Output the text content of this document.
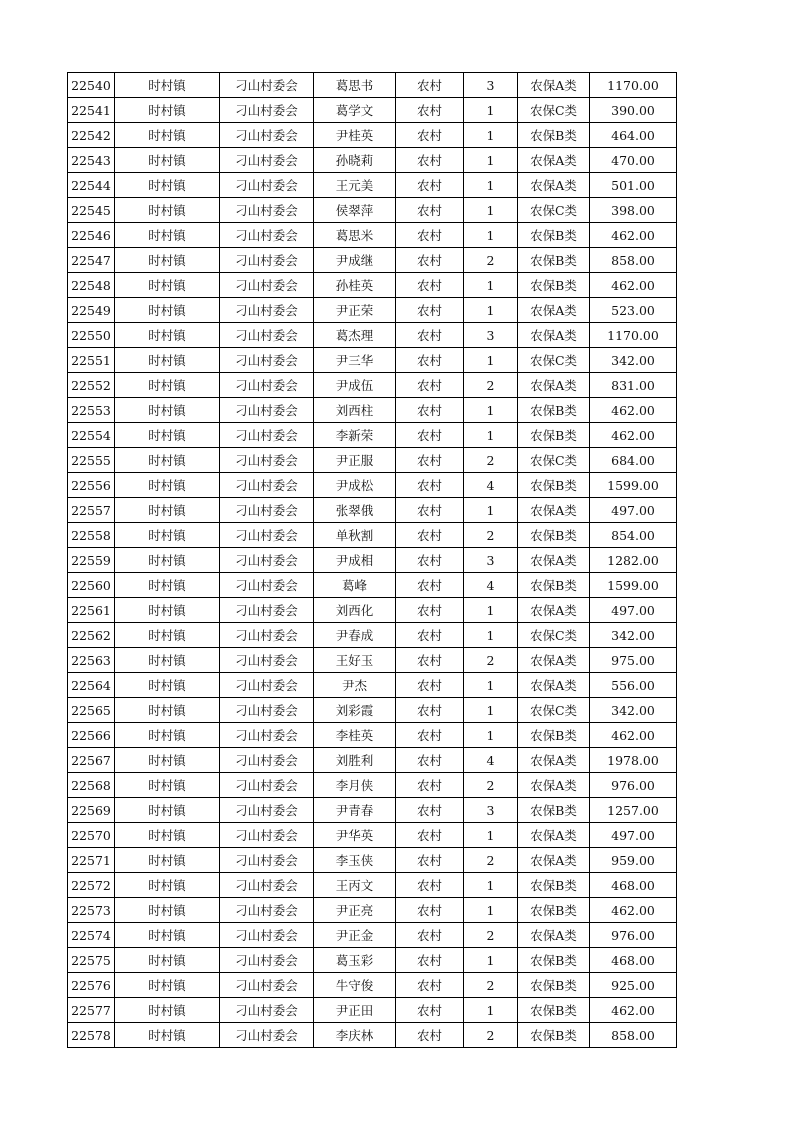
22540	时村镇	刁山村委会	葛思书	农村	3	农保A类	1170.00
22541	时村镇	刁山村委会	葛学文	农村	1	农保C类	390.00
22542	时村镇	刁山村委会	尹桂英	农村	1	农保B类	464.00
22543	时村镇	刁山村委会	孙晓莉	农村	1	农保A类	470.00
22544	时村镇	刁山村委会	王元美	农村	1	农保A类	501.00
22545	时村镇	刁山村委会	侯翠萍	农村	1	农保C类	398.00
22546	时村镇	刁山村委会	葛思米	农村	1	农保B类	462.00
22547	时村镇	刁山村委会	尹成继	农村	2	农保B类	858.00
22548	时村镇	刁山村委会	孙桂英	农村	1	农保B类	462.00
22549	时村镇	刁山村委会	尹正荣	农村	1	农保A类	523.00
22550	时村镇	刁山村委会	葛杰理	农村	3	农保A类	1170.00
22551	时村镇	刁山村委会	尹三华	农村	1	农保C类	342.00
22552	时村镇	刁山村委会	尹成伍	农村	2	农保A类	831.00
22553	时村镇	刁山村委会	刘西柱	农村	1	农保B类	462.00
22554	时村镇	刁山村委会	李新荣	农村	1	农保B类	462.00
22555	时村镇	刁山村委会	尹正服	农村	2	农保C类	684.00
22556	时村镇	刁山村委会	尹成松	农村	4	农保B类	1599.00
22557	时村镇	刁山村委会	张翠俄	农村	1	农保A类	497.00
22558	时村镇	刁山村委会	单秋割	农村	2	农保B类	854.00
22559	时村镇	刁山村委会	尹成相	农村	3	农保A类	1282.00
22560	时村镇	刁山村委会	葛峰	农村	4	农保B类	1599.00
22561	时村镇	刁山村委会	刘西化	农村	1	农保A类	497.00
22562	时村镇	刁山村委会	尹春成	农村	1	农保C类	342.00
22563	时村镇	刁山村委会	王好玉	农村	2	农保A类	975.00
22564	时村镇	刁山村委会	尹杰	农村	1	农保A类	556.00
22565	时村镇	刁山村委会	刘彩霞	农村	1	农保C类	342.00
22566	时村镇	刁山村委会	李桂英	农村	1	农保B类	462.00
22567	时村镇	刁山村委会	刘胜利	农村	4	农保A类	1978.00
22568	时村镇	刁山村委会	李月侠	农村	2	农保A类	976.00
22569	时村镇	刁山村委会	尹青春	农村	3	农保B类	1257.00
22570	时村镇	刁山村委会	尹华英	农村	1	农保A类	497.00
22571	时村镇	刁山村委会	李玉侠	农村	2	农保A类	959.00
22572	时村镇	刁山村委会	王丙文	农村	1	农保B类	468.00
22573	时村镇	刁山村委会	尹正亮	农村	1	农保B类	462.00
22574	时村镇	刁山村委会	尹正金	农村	2	农保A类	976.00
22575	时村镇	刁山村委会	葛玉彩	农村	1	农保B类	468.00
22576	时村镇	刁山村委会	牛守俊	农村	2	农保B类	925.00
22577	时村镇	刁山村委会	尹正田	农村	1	农保B类	462.00
22578	时村镇	刁山村委会	李庆林	农村	2	农保B类	858.00
